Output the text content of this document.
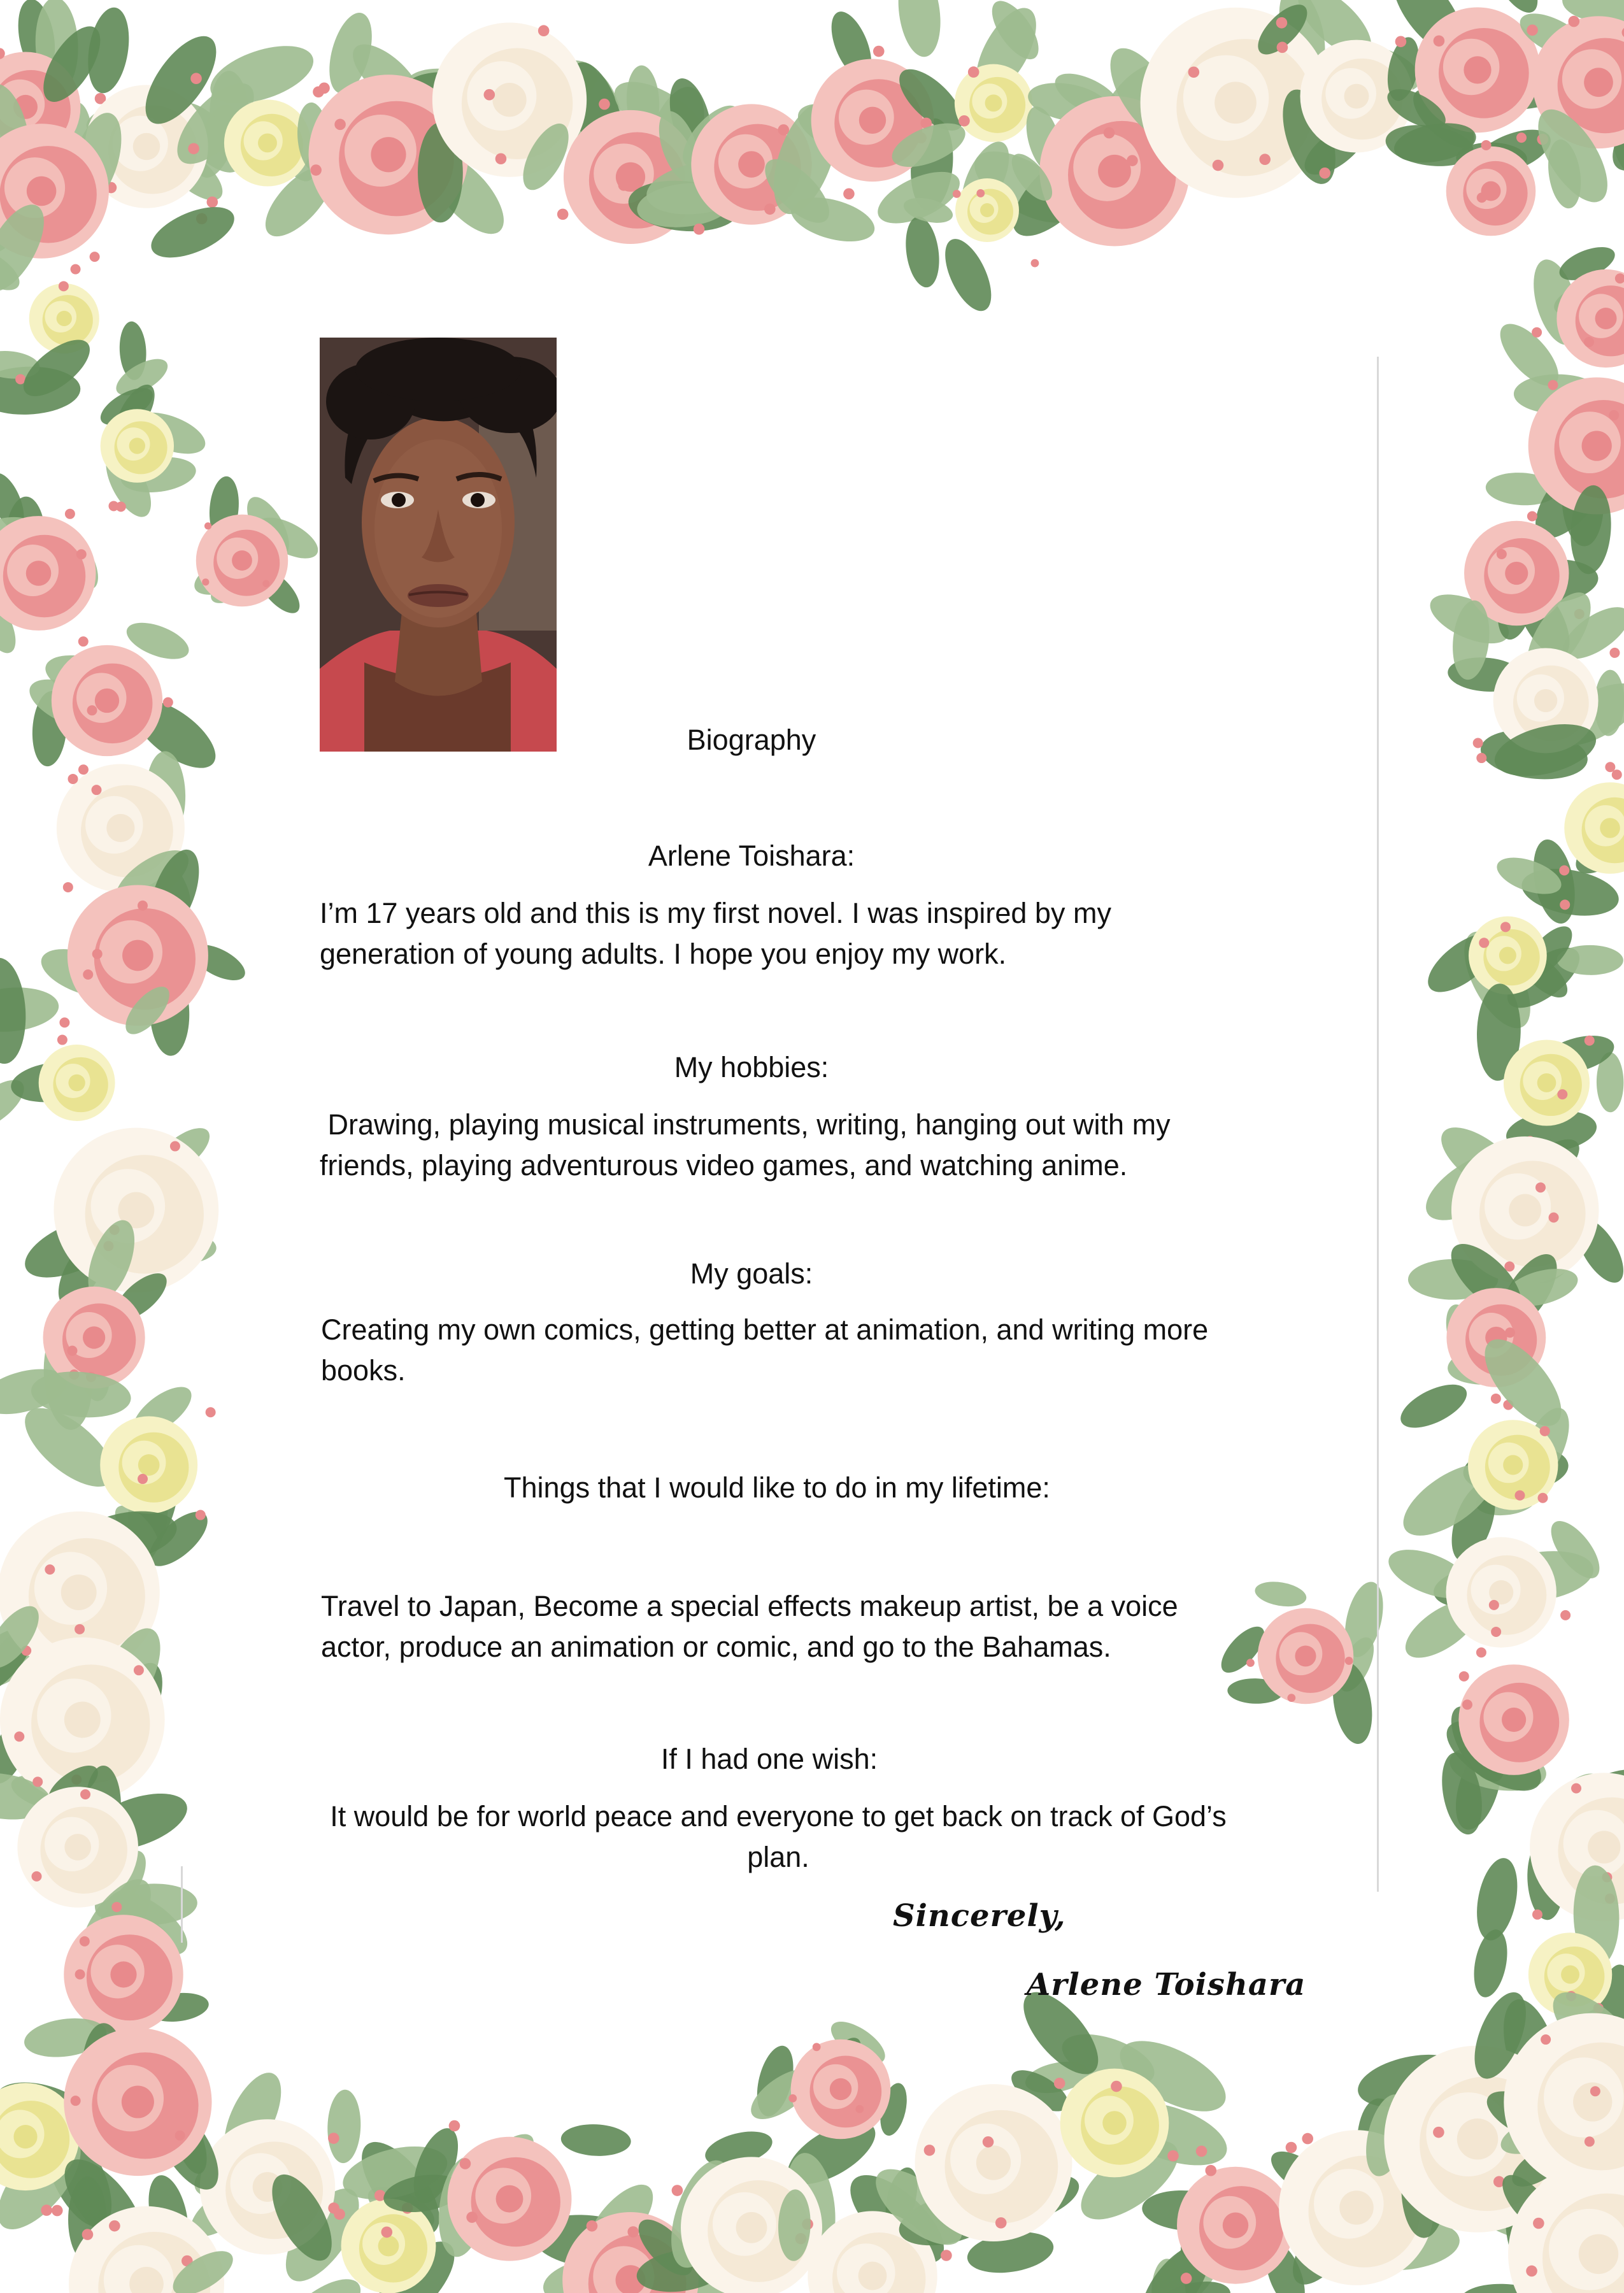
Biography
Arlene Toishara:
I’m 17 years old and this is my first novel. I was inspired by my
generation of young adults. I hope you enjoy my work.
My hobbies:
Drawing, playing musical instruments, writing, hanging out with my
friends, playing adventurous video games, and watching anime.
My goals:
Creating my own comics, getting better at animation, and writing more
books.
Things that I would like to do in my lifetime:
Travel to Japan, Become a special effects makeup artist, be a voice
actor, produce an animation or comic, and go to the Bahamas.
If I had one wish:
It would be for world peace and everyone to get back on track of God’s
plan.
Sincerely,
Arlene Toishara
